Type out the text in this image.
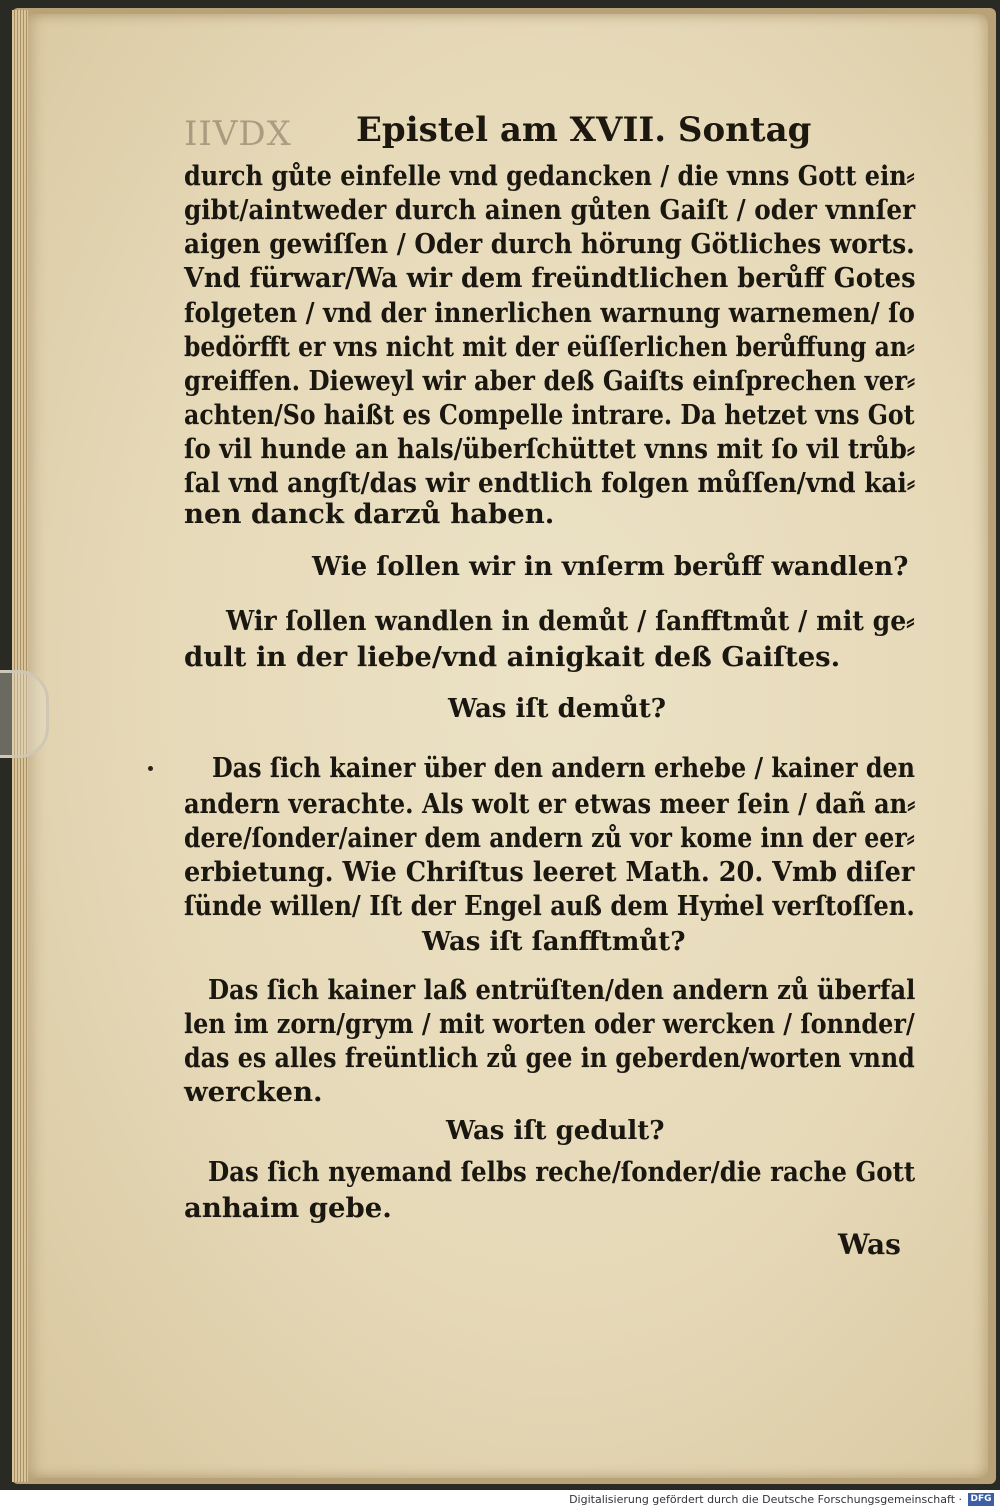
IIVDX Epistel am XVII. Sontag
durch gůte einfelle vnd gedancken / die vnns Gott ein⸗
gibt/aintweder durch ainen gůten Gaiſt / oder vnnſer
aigen gewiſſen / Oder durch hörung Götliches worts.
Vnd fürwar/Wa wir dem freündtlichen berůff Gotes
folgeten / vnd der innerlichen warnung warnemen/ ſo
bedörfft er vns nicht mit der eüſſerlichen berůffung an⸗
greiffen. Dieweyl wir aber deß Gaiſts einſprechen ver⸗
achten/So haißt es Compelle intrare. Da hetzet vns Got
ſo vil hunde an hals/überſchüttet vnns mit ſo vil trůb⸗
ſal vnd angſt/das wir endtlich folgen můſſen/vnd kai⸗
nen danck darzů haben.
Wie ſollen wir in vnſerm berůff wandlen?
Wir ſollen wandlen in demůt / ſanfftmůt / mit ge⸗
dult in der liebe/vnd ainigkait deß Gaiſtes.
Was iſt demůt?
Das ſich kainer über den andern erhebe / kainer den
andern verachte. Als wolt er etwas meer ſein / dañ an⸗
dere/ſonder/ainer dem andern zů vor kome inn der eer⸗
erbietung. Wie Chriſtus leeret Math. 20. Vmb diſer
ſünde willen/ Iſt der Engel auß dem Hyṁel verſtoſſen.
Was iſt ſanfftmůt?
Das ſich kainer laß entrüſten/den andern zů überfal
len im zorn/grym / mit worten oder wercken / ſonnder/
das es alles freüntlich zů gee in geberden/worten vnnd
wercken.
Was iſt gedult?
Das ſich nyemand ſelbs reche/ſonder/die rache Gott
anhaim gebe.
Was
Digitalisierung gefördert durch die Deutsche Forschungsgemeinschaft · DFG
